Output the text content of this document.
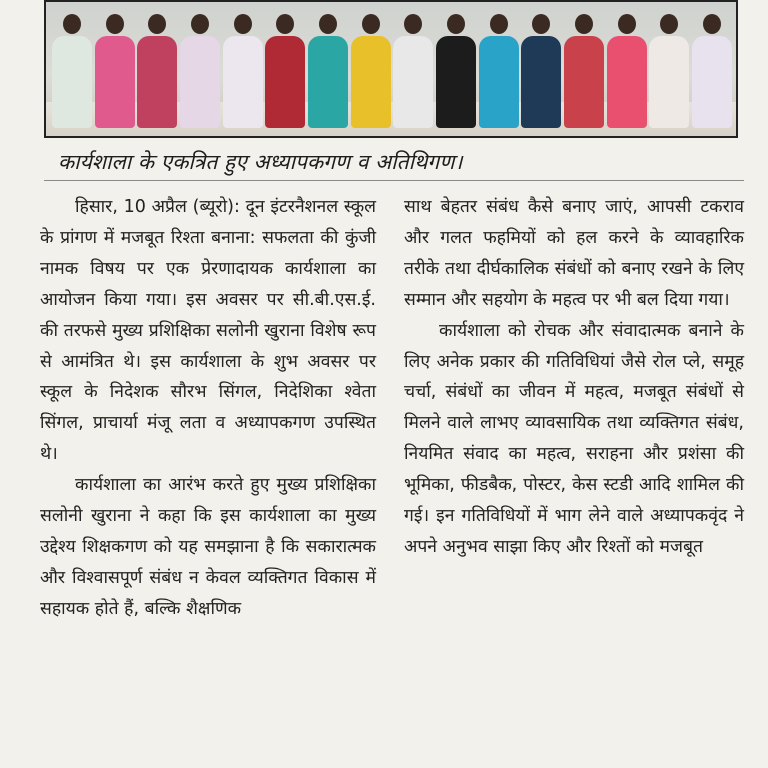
कार्यशाला के एकत्रित हुए अध्यापकगण व अतिथिगण।

हिसार, 10 अप्रैल (ब्यूरो): दून इंटरनैशनल स्कूल के प्रांगण में मजबूत रिश्ता बनाना: सफलता की कुंजी नामक विषय पर एक प्रेरणादायक कार्यशाला का आयोजन किया गया। इस अवसर पर सी.बी.एस.ई. की तरफसे मुख्य प्रशिक्षिका सलोनी खुराना विशेष रूप से आमंत्रित थे। इस कार्यशाला के शुभ अवसर पर स्कूल के निदेशक सौरभ सिंगल, निदेशिका श्वेता सिंगल, प्राचार्या मंजू लता व अध्यापकगण उपस्थित थे।

कार्यशाला का आरंभ करते हुए मुख्य प्रशिक्षिका सलोनी खुराना ने कहा कि इस कार्यशाला का मुख्य उद्देश्य शिक्षकगण को यह समझाना है कि सकारात्मक और विश्वासपूर्ण संबंध न केवल व्यक्तिगत विकास में सहायक होते हैं, बल्कि शैक्षणिक

साथ बेहतर संबंध कैसे बनाए जाएं, आपसी टकराव और गलत फहमियों को हल करने के व्यावहारिक तरीके तथा दीर्घकालिक संबंधों को बनाए रखने के लिए सम्मान और सहयोग के महत्व पर भी बल दिया गया।

कार्यशाला को रोचक और संवादात्मक बनाने के लिए अनेक प्रकार की गतिविधियां जैसे रोल प्ले, समूह चर्चा, संबंधों का जीवन में महत्व, मजबूत संबंधों से मिलने वाले लाभए व्यावसायिक तथा व्यक्तिगत संबंध, नियमित संवाद का महत्व, सराहना और प्रशंसा की भूमिका, फीडबैक, पोस्टर, केस स्टडी आदि शामिल की गई। इन गतिविधियों में भाग लेने वाले अध्यापकवृंद ने अपने अनुभव साझा किए और रिश्तों को मजबूत
